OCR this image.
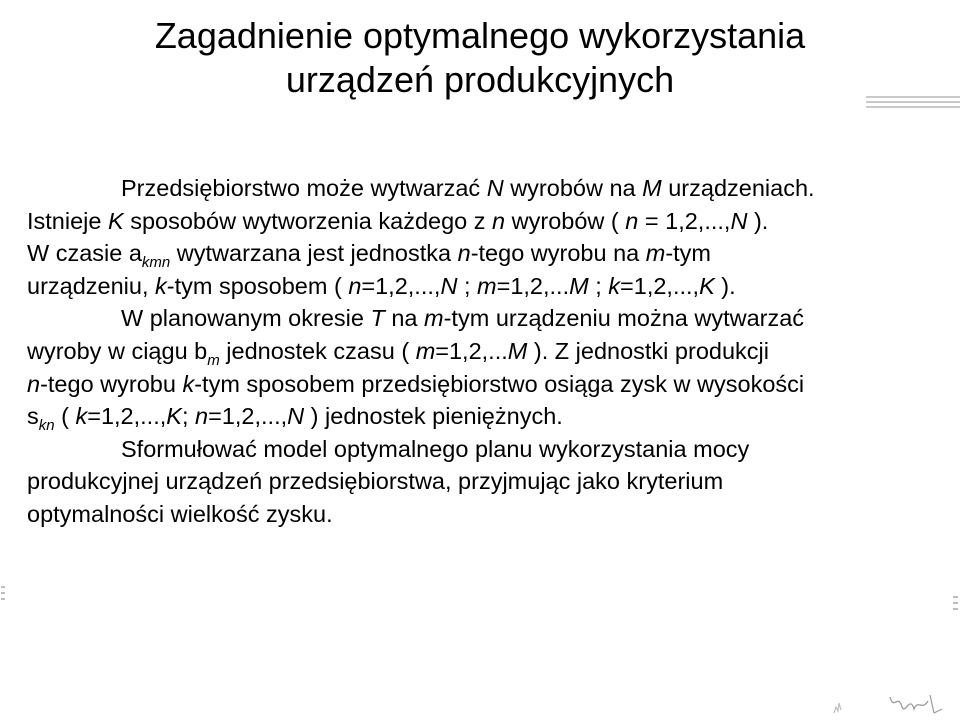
Zagadnienie optymalnego wykorzystania
urządzeń produkcyjnych
Przedsiębiorstwo może wytwarzać N wyrobów na M urządzeniach.
Istnieje K sposobów wytworzenia każdego z n wyrobów ( n = 1,2,...,N ).
W czasie $a_{kmn}$ wytwarzana jest jednostka n-tego wyrobu na m-tym
urządzeniu, k-tym sposobem ( n=1,2,...,N ; m=1,2,...M ; k=1,2,...,K ).
W planowanym okresie T na m-tym urządzeniu można wytwarzać
wyroby w ciągu $b_m$ jednostek czasu ( m=1,2,...M ). Z jednostki produkcji
n-tego wyrobu k-tym sposobem przedsiębiorstwo osiąga zysk w wysokości
$s_{kn}$ ( k=1,2,...,K; n=1,2,...,N ) jednostek pieniężnych.
Sformułować model optymalnego planu wykorzystania mocy
produkcyjnej urządzeń przedsiębiorstwa, przyjmując jako kryterium
optymalności wielkość zysku.
